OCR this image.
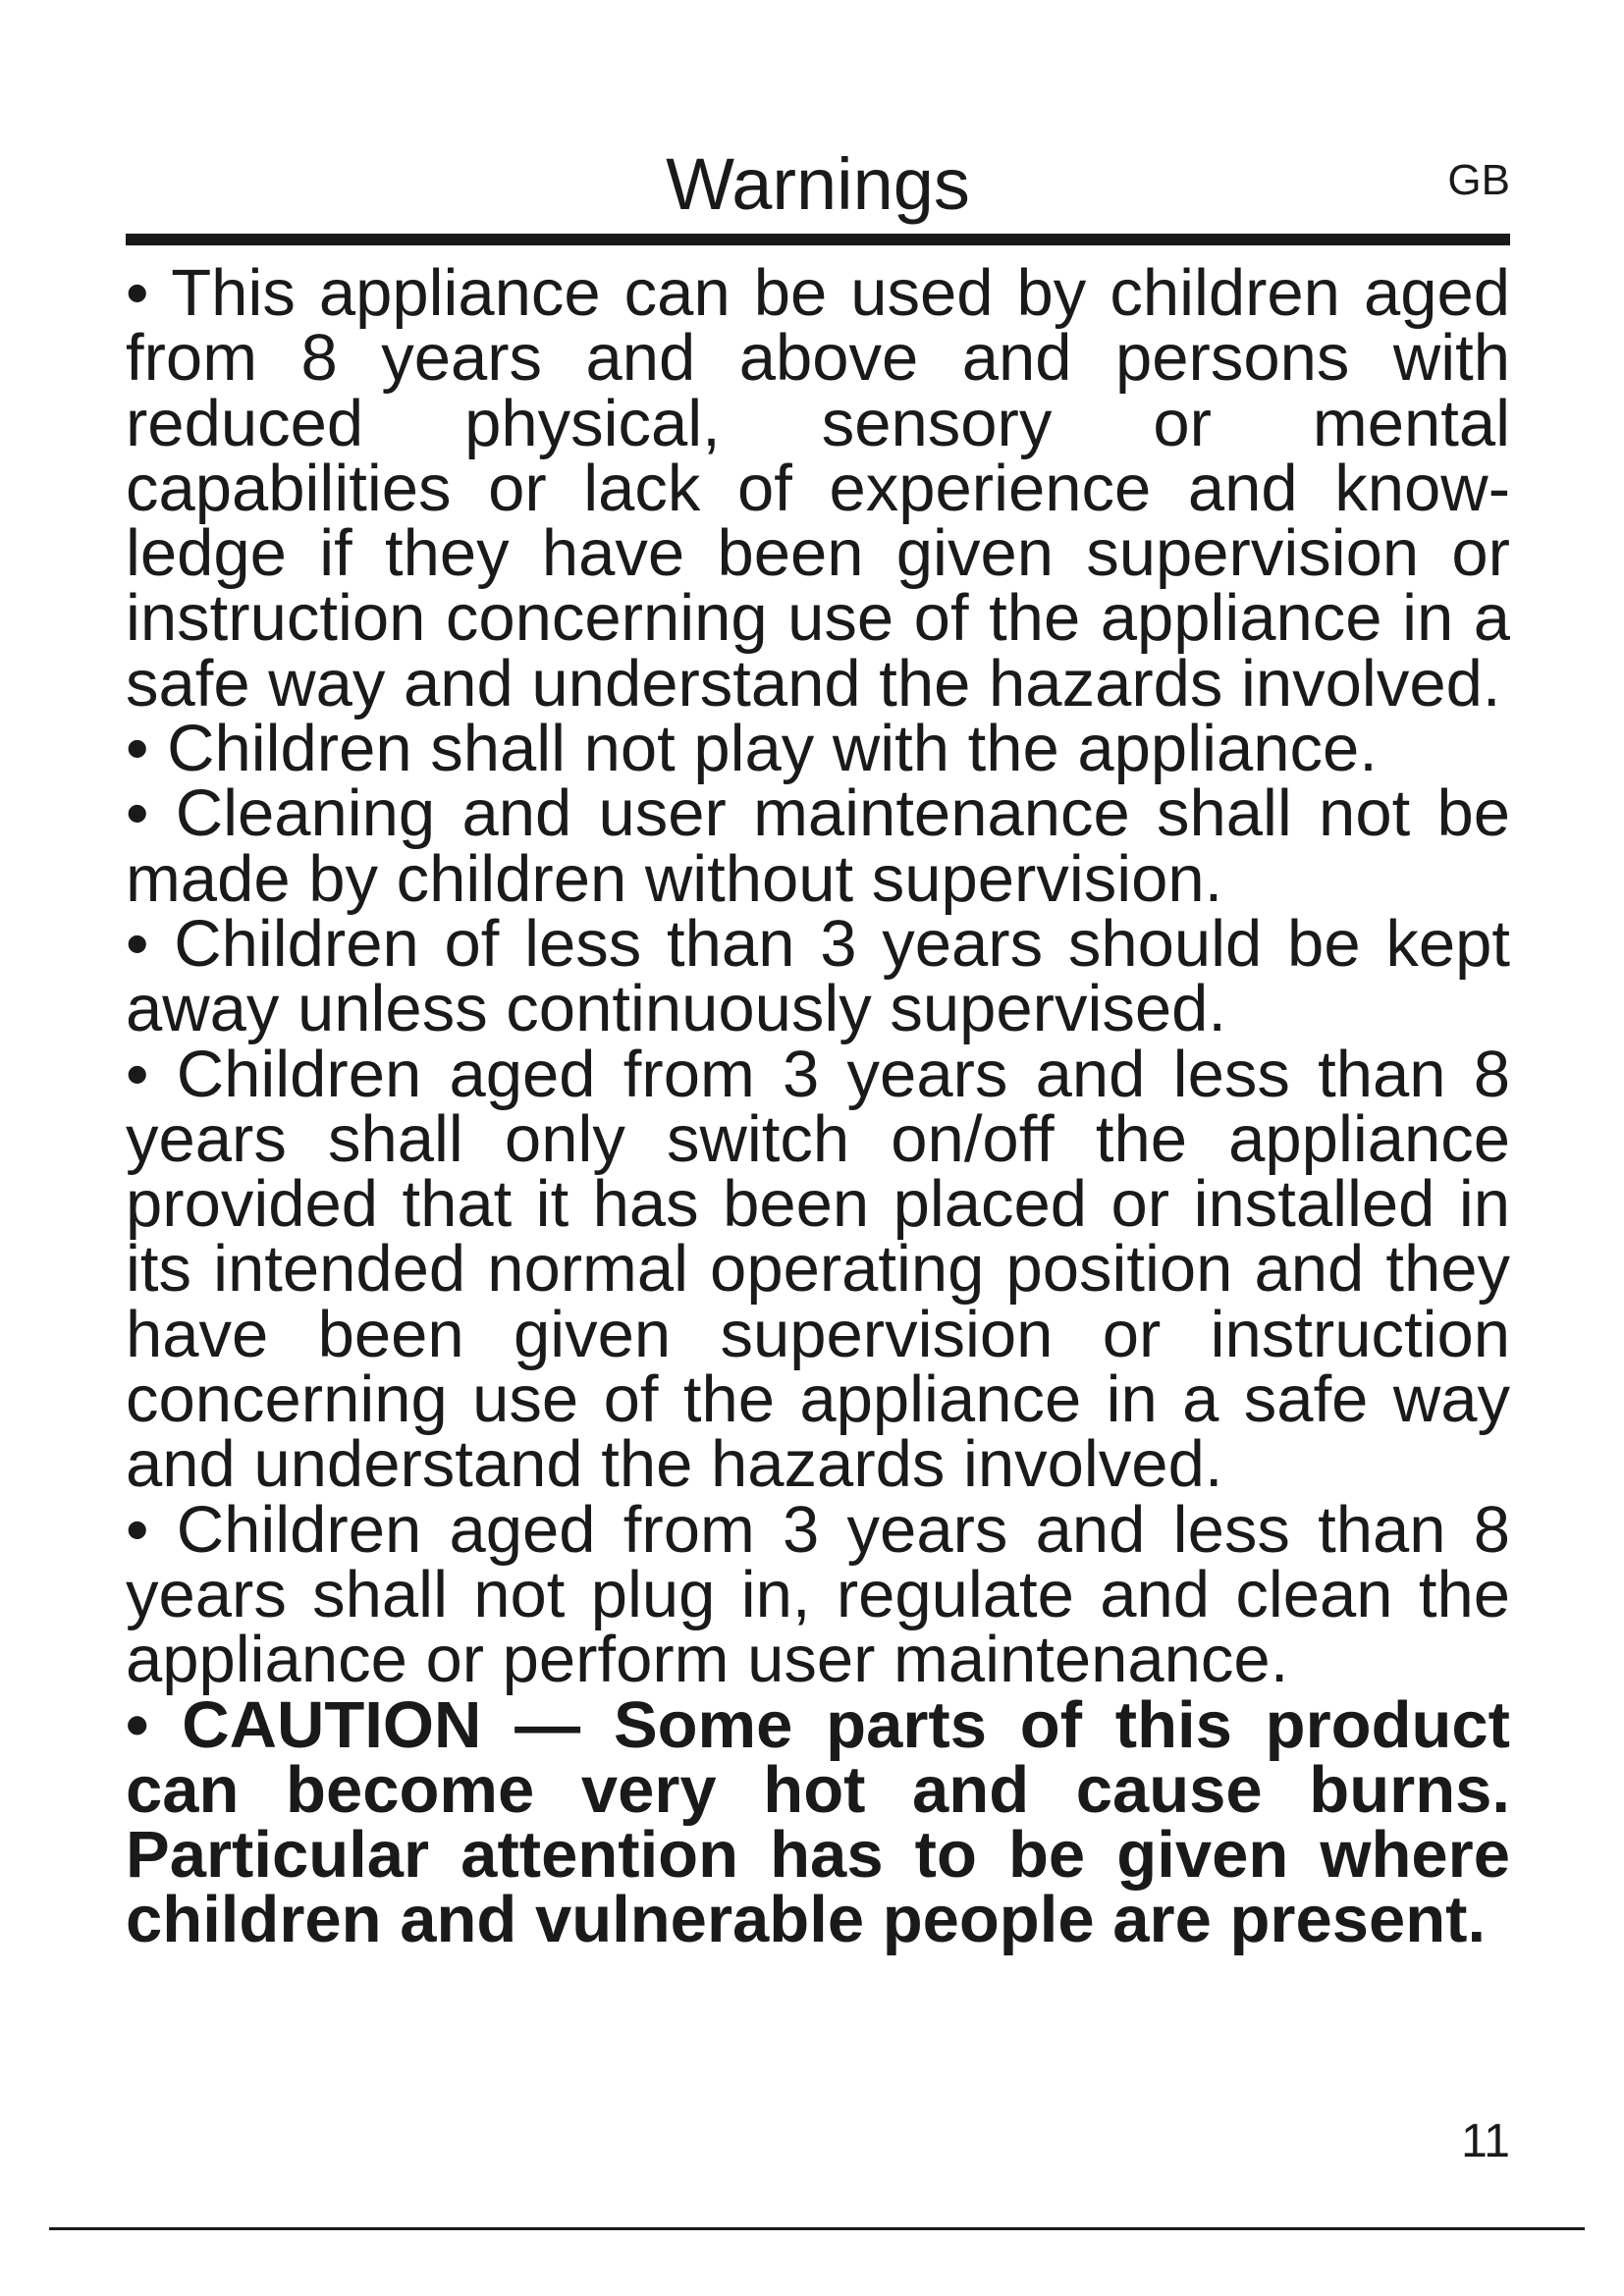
Warnings	GB

• This appliance can be used by children aged from 8 years and above and persons with reduced physical, sensory or mental capabilities or lack of experience and knowledge if they have been given supervision or instruction concerning use of the appliance in a safe way and understand the hazards involved.

• Children shall not play with the appliance.

• Cleaning and user maintenance shall not be made by children without supervision.

• Children of less than 3 years should be kept away unless continuously supervised.

• Children aged from 3 years and less than 8 years shall only switch on/off the appliance provided that it has been placed or installed in its intended normal operating position and they have been given supervision or instruction concerning use of the appliance in a safe way and understand the hazards involved.

• Children aged from 3 years and less than 8 years shall not plug in, regulate and clean the appliance or perform user maintenance.

• CAUTION — Some parts of this product can become very hot and cause burns. Particular attention has to be given where children and vulnerable people are present.

11
